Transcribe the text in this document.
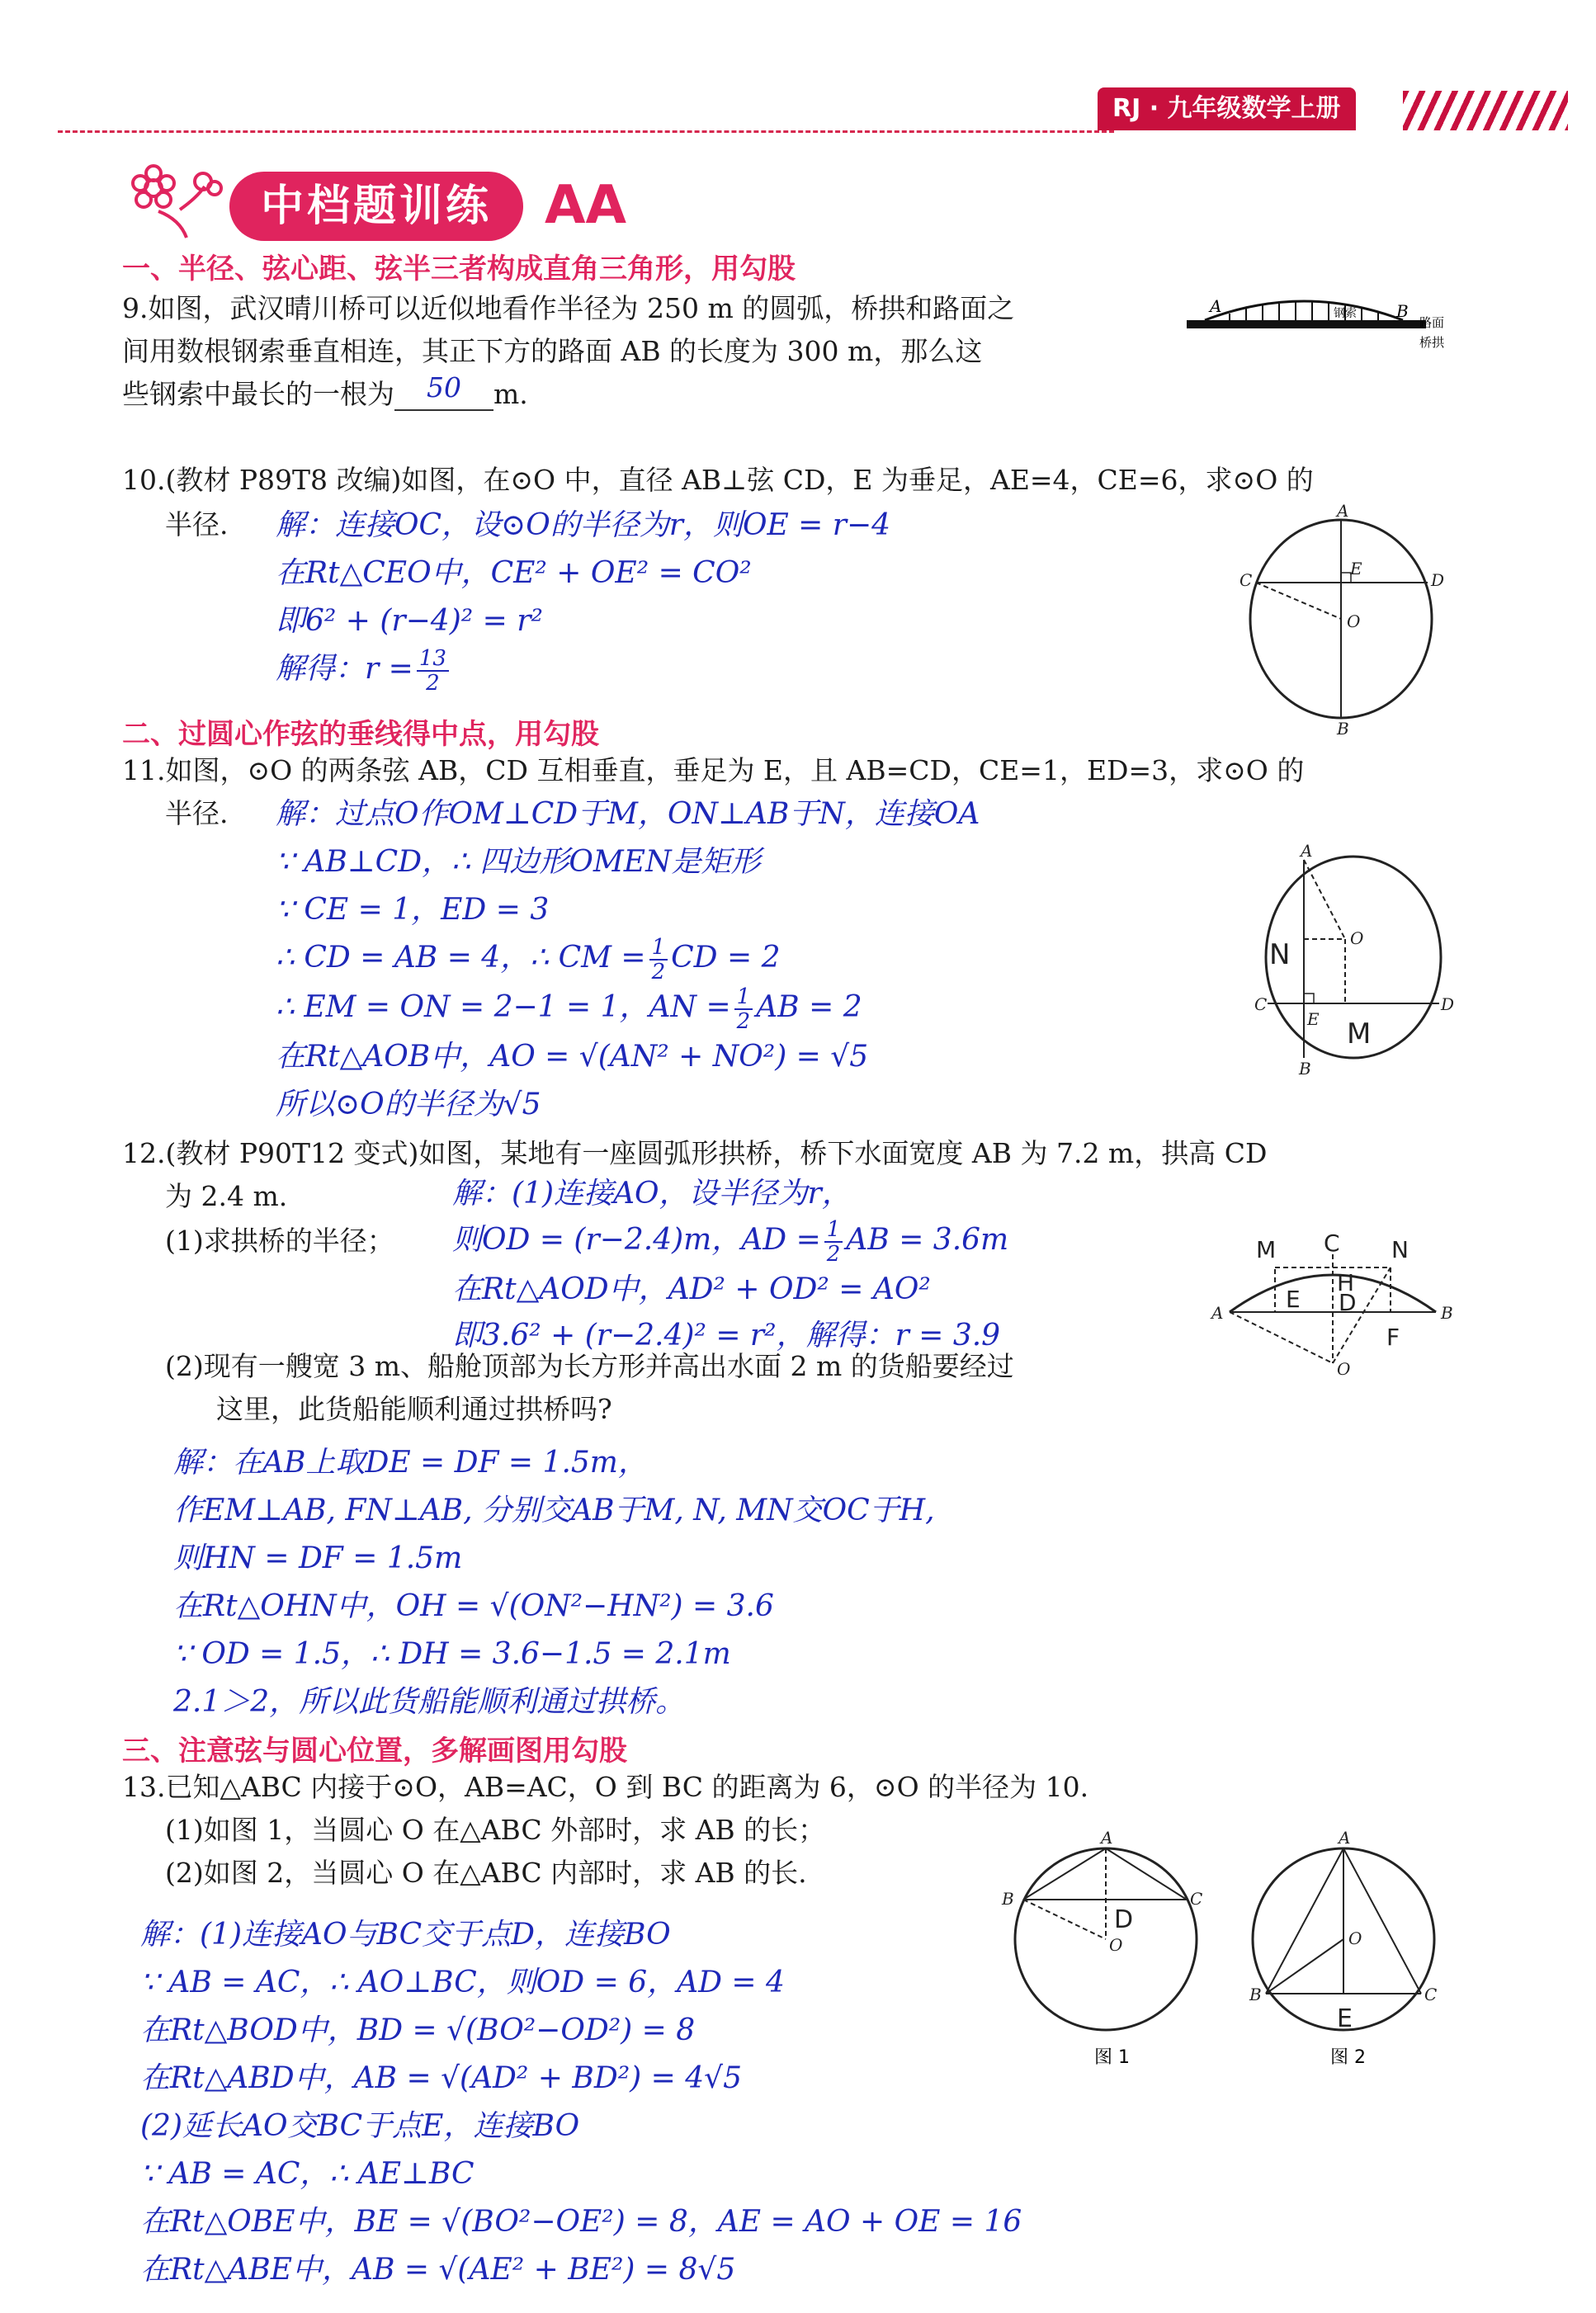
RJ · 九年级数学上册
中档题训练	AA
一、半径、弦心距、弦半三者构成直角三角形，用勾股
9.如图，武汉晴川桥可以近似地看作半径为 250 m 的圆弧，桥拱和路面之
间用数根钢索垂直相连，其正下方的路面 AB 的长度为 300 m，那么这
些钢索中最长的一根为 50 m.
A	B
钢索
路面
桥拱
10.(教材 P89T8 改编)如图，在⊙O 中，直径 AB⊥弦 CD，E 为垂足，AE=4，CE=6，求⊙O 的
半径. 解：连接OC，设⊙O的半径为r，则OE = r−4
在Rt△CEO中，CE² + OE² = CO²
即6² + (r−4)² = r²
解得：$r = \frac{13}{2}$
A
B
C	D
E
O
二、过圆心作弦的垂线得中点，用勾股
11.如图，⊙O 的两条弦 AB，CD 互相垂直，垂足为 E，且 AB=CD，CE=1，ED=3，求⊙O 的
半径. 解：过点O作OM⊥CD于M，ON⊥AB于N，连接OA
∵ AB⊥CD，∴ 四边形OMEN是矩形
∵ CE = 1，ED = 3
∴ CD = AB = 4，∴ CM = $\frac{1}{2}$ CD = 2
∴ EM = ON = 2−1 = 1，AN = $\frac{1}{2}$ AB = 2
在Rt△AOB中，AO = √(AN² + NO²) = √5
所以⊙O的半径为√5
A
B
C	D
E
O
N
M
12.(教材 P90T12 变式)如图，某地有一座圆弧形拱桥，桥下水面宽度 AB 为 7.2 m，拱高 CD
为 2.4 m.	解：(1)连接AO，设半径为r，
(1)求拱桥的半径； 则OD = (r−2.4)m，AD = $\frac{1}{2}$ AB = 3.6m
在Rt△AOD中，AD² + OD² = AO²
即3.6² + (r−2.4)² = r²，解得：r = 3.9
(2)现有一艘宽 3 m、船舱顶部为长方形并高出水面 2 m 的货船要经过
这里，此货船能顺利通过拱桥吗?
A	B
O
M C N
H
D
E
F
解：在AB上取DE = DF = 1.5m，
作EM⊥AB, FN⊥AB, 分别交AB于M, N, MN交OC于H,
则HN = DF = 1.5m
在Rt△OHN中，OH = √(ON²−HN²) = 3.6
∵ OD = 1.5，∴ DH = 3.6−1.5 = 2.1m
2.1＞2，所以此货船能顺利通过拱桥。
三、注意弦与圆心位置，多解画图用勾股
13.已知△ABC 内接于⊙O，AB=AC，O 到 BC 的距离为 6，⊙O 的半径为 10.
(1)如图 1，当圆心 O 在△ABC 外部时，求 AB 的长；
(2)如图 2，当圆心 O 在△ABC 内部时，求 AB 的长.
解：(1)连接AO与BC交于点D，连接BO
∵ AB = AC，∴ AO⊥BC，则OD = 6，AD = 4
在Rt△BOD中，BD = √(BO²−OD²) = 8
在Rt△ABD中，AB = √(AD² + BD²) = 4√5
(2)延长AO交BC于点E，连接BO
∵ AB = AC，∴ AE⊥BC
在Rt△OBE中，BE = √(BO²−OE²) = 8，AE = AO + OE = 16
在Rt△ABE中，AB = √(AE² + BE²) = 8√5
A
B	C
O
D
图 1
A
B	C
O
E
图 2
